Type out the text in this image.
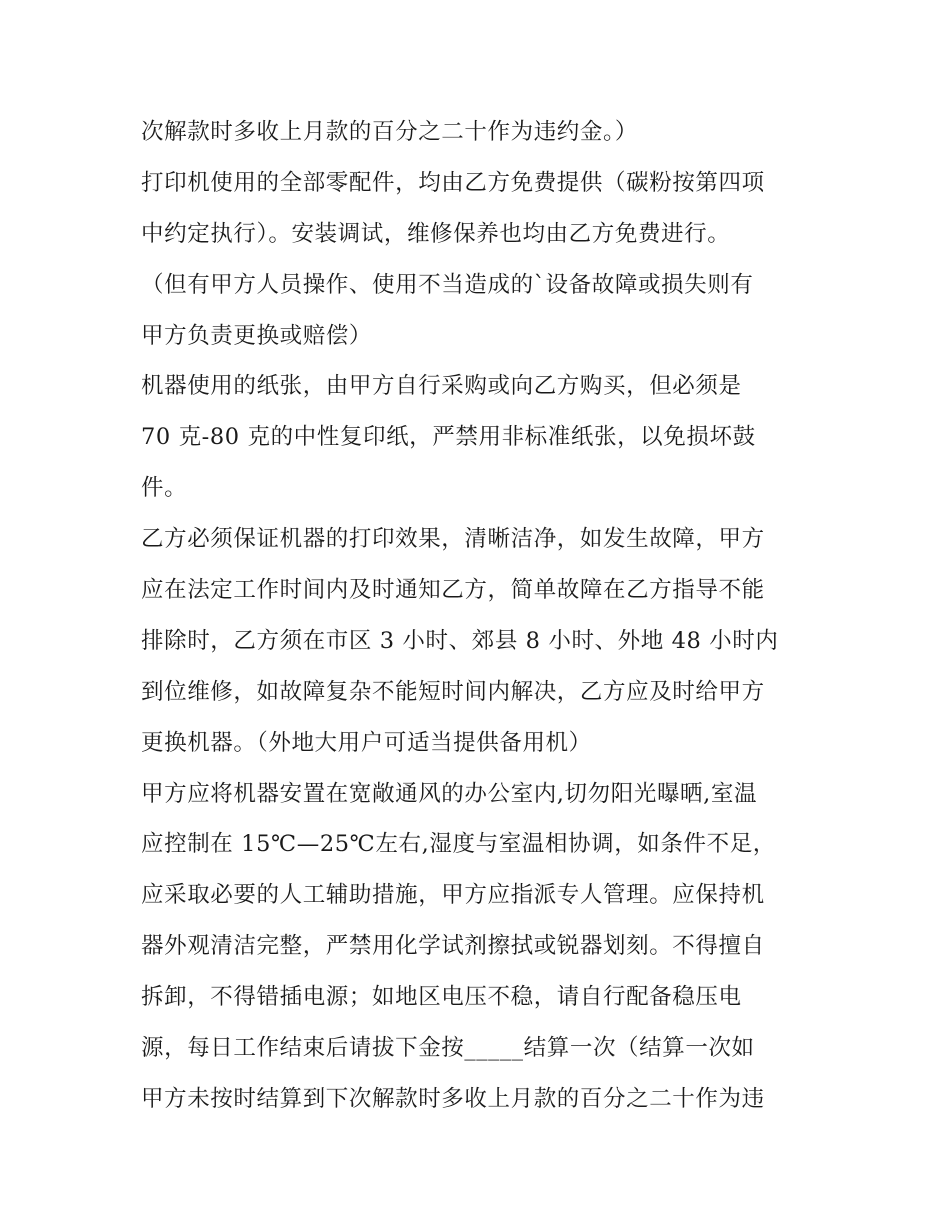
次解款时多收上月款的百分之二十作为违约金。）
打印机使用的全部零配件，均由乙方免费提供（碳粉按第四项
中约定执行）。安装调试，维修保养也均由乙方免费进行。
（但有甲方人员操作、使用不当造成的`设备故障或损失则有
甲方负责更换或赔偿）
机器使用的纸张，由甲方自行采购或向乙方购买，但必须是
70 克-80 克的中性复印纸，严禁用非标准纸张，以免损坏鼓
件。
乙方必须保证机器的打印效果，清晰洁净，如发生故障，甲方
应在法定工作时间内及时通知乙方，简单故障在乙方指导不能
排除时，乙方须在市区 3 小时、郊县 8 小时、外地 48 小时内
到位维修，如故障复杂不能短时间内解决，乙方应及时给甲方
更换机器。（外地大用户可适当提供备用机）
甲方应将机器安置在宽敞通风的办公室内,切勿阳光曝晒,室温
应控制在 15℃—25℃左右,湿度与室温相协调，如条件不足，
应采取必要的人工辅助措施，甲方应指派专人管理。应保持机
器外观清洁完整，严禁用化学试剂擦拭或锐器划刻。不得擅自
拆卸，不得错插电源；如地区电压不稳，请自行配备稳压电
源，每日工作结束后请拔下金按_____结算一次（结算一次如
甲方未按时结算到下次解款时多收上月款的百分之二十作为违
